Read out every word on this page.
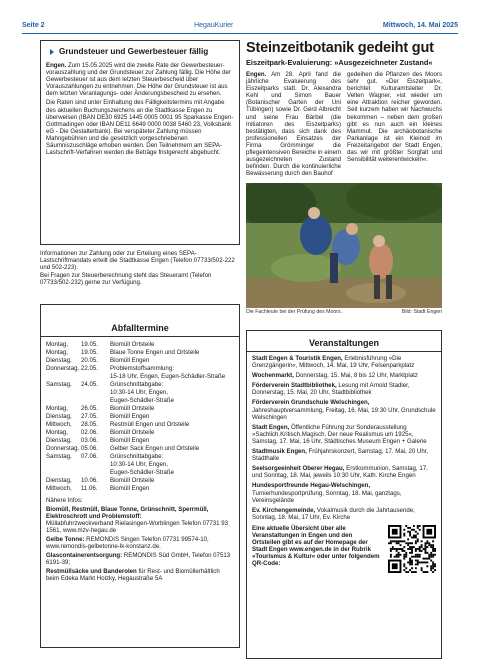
Seite 2	HegauKurier	Mittwoch, 14. Mai 2025
Grundsteuer und Gewerbesteuer fällig

Engen. Zum 15.05.2025 wird die zweite Rate der Gewerbesteuer-vorauszahlung und der Grundsteuer zur Zahlung fällig. Die Höhe der Gewerbesteuer ist aus dem letzten Steuerbescheid über Vorauszahlungen zu entnehmen. Die Höhe der Grundsteuer ist aus dem letzten Veranlagungs- oder Änderungsbescheid zu ersehen.

Die Raten sind unter Einhaltung des Fälligkeitstermins mit Angabe des aktuellen Buchungszeichens an die Stadtkasse Engen zu überweisen (IBAN DE30 6925 1445 0005 0001 95 Sparkasse Engen-Gottmadingen oder IBAN DE11 6649 0000 0038 5460 23, Volksbank eG - Die Gestalterbank). Bei verspäteter Zahlung müssen Mahngebühren und die gesetzlich vorgeschriebenen Säumniszuschläge erhoben werden. Den Teilnehmern am SEPA-Lastschrift-Verfahren werden die Beträge fristgerecht abgebucht.

Informationen zur Zahlung oder zur Erteilung eines SEPA-Lastschriftmandats erteilt die Stadtkasse Engen (Telefon 07733/502-222 und 502-223).

Bei Fragen zur Steuerberechnung steht das Steueramt (Telefon 07733/502-232) gerne zur Verfügung.

Abfalltermine
Montag,	19.05.	Biomüll Ortsteile
Montag,	19.05.	Blaue Tonne Engen und Ortsteile
Dienstag,	20.05.	Biomüll Engen
Donnerstag, 22.05.	Problemstoffsammlung:
15-18 Uhr, Engen, Eugen-Schädler-Straße
Samstag,	24.05.	Grünschnittabgabe:
10:30-14 Uhr, Engen,
Eugen-Schädler-Straße
Montag,	26.05.	Biomüll Ortsteile
Dienstag,	27.05.	Biomüll Engen
Mittwoch,	28.05.	Restmüll Engen und Ortsteile
Montag,	02.06.	Biomüll Ortsteile
Dienstag,	03.06.	Biomüll Engen
Donnerstag, 05.06.	Gelber Sack Engen und Ortsteile
Samstag,	07.06.	Grünschnittabgabe:
10:30-14 Uhr, Engen,
Eugen-Schädler-Straße
Dienstag,	10.06.	Biomüll Ortsteile
Mittwoch,	11.06.	Biomüll Engen

Nähere Infos:

Biomüll, Restmüll, Blaue Tonne, Grünschnitt, Sperrmüll, Elektroschrott und Problemstoff:
Müllabfuhrzweckverband Rielasingen-Worblingen Telefon 07731 93 1561, www.mzv-hegau.de

Gelbe Tonne: REMONDIS Singen Telefon 07731 99574-10, www.remondis-gelbetonne-lk-konstanz.de.

Glascontainerentsorgung: REMONDIS Süd GmbH, Telefon 07513 6191-39;

Restmüllsäcke und Banderolen für Rest- und Biomüllerhältlich beim Edeka Markt Holzky, Hegaustraße 5A

Steinzeitbotanik gedeiht gut
Eiszeitpark-Evaluierung: »Ausgezeichneter Zustand«
Engen. Am 28. April fand die jährliche Evaluierung des Eiszeitparks statt. Dr. Alexandra Kehl und Simon Bauer (Botanischer Garten der Uni Tübingen) sowie Dr. Gerd Albrecht und seine Frau Bärbel (die Initiatoren des Eiszeitparks) bestätigten, dass sich dank des professionellen Einsatzes der Firma Grömminger die pflegeintensiven Bereiche in einem ausgezeichneten Zustand befinden. Durch die kontinuierliche Bewässerung durch den Bauhof
gedeihen die Pflanzen des Moors sehr gut. »Der Eiszeitpark«, berichtet Kulturamtsleiter Dr. Velten Wagner, »ist wieder um eine Attraktion reicher geworden. Seit kurzem haben wir Nachwuchs bekommen – neben dem großen gibt es nun auch ein kleines Mammut. Die archäobotanische Parkanlage ist ein Kleinod im Freizeitangebot der Stadt Engen, das wir mit größter Sorgfalt und Sensibilität weiterentwickeln«.
Die Fachleute bei der Prüfung des Moors.	Bild: Stadt Engen
Veranstaltungen

Stadt Engen & Touristik Engen, Erlebnisführung »Die Grenzgängerin«, Mittwoch, 14. Mai, 19 Uhr, Felsenparkplatz

Wochenmarkt, Donnerstag, 15. Mai, 8 bis 12 Uhr, Marktplatz

Förderverein Stadtbibliothek, Lesung mit Arnold Stadler, Donnerstag, 15. Mai, 20 Uhr, Stadtbibliothek

Förderverein Grundschule Welschingen, Jahreshauptversammlung, Freitag, 16. Mai, 19:30 Uhr, Grundschule Welschingen

Stadt Engen, Öffentliche Führung zur Sonderausstellung »Sachlich.Kritisch.Magisch. Der neue Realismus um 1925«, Samstag, 17. Mai, 16 Uhr, Städtisches Museum Engen + Galerie

Stadtmusik Engen, Frühjahrskonzert, Samstag, 17. Mai, 20 Uhr, Stadthalle

Seelsorgeeinheit Oberer Hegau, Erstkommunion, Samstag, 17. und Sonntag, 18. Mai, jeweils 10:30 Uhr, Kath. Kirche Engen

Hundesportfreunde Hegau-Welschingen, Turnierhundesportprüfung, Sonntag, 18. Mai, ganztags, Vereinsgelände

Ev. Kirchengemeinde, Vokalmusik durch die Jahrtausende, Sonntag, 18. Mai, 17 Uhr, Ev. Kirche

Eine aktuelle Übersicht über alle Veranstaltungen in Engen und den Ortsteilen gibt es auf der Homepage der Stadt Engen www.engen.de in der Rubrik »Tourismus & Kultur« oder unter folgendem QR-Code:
